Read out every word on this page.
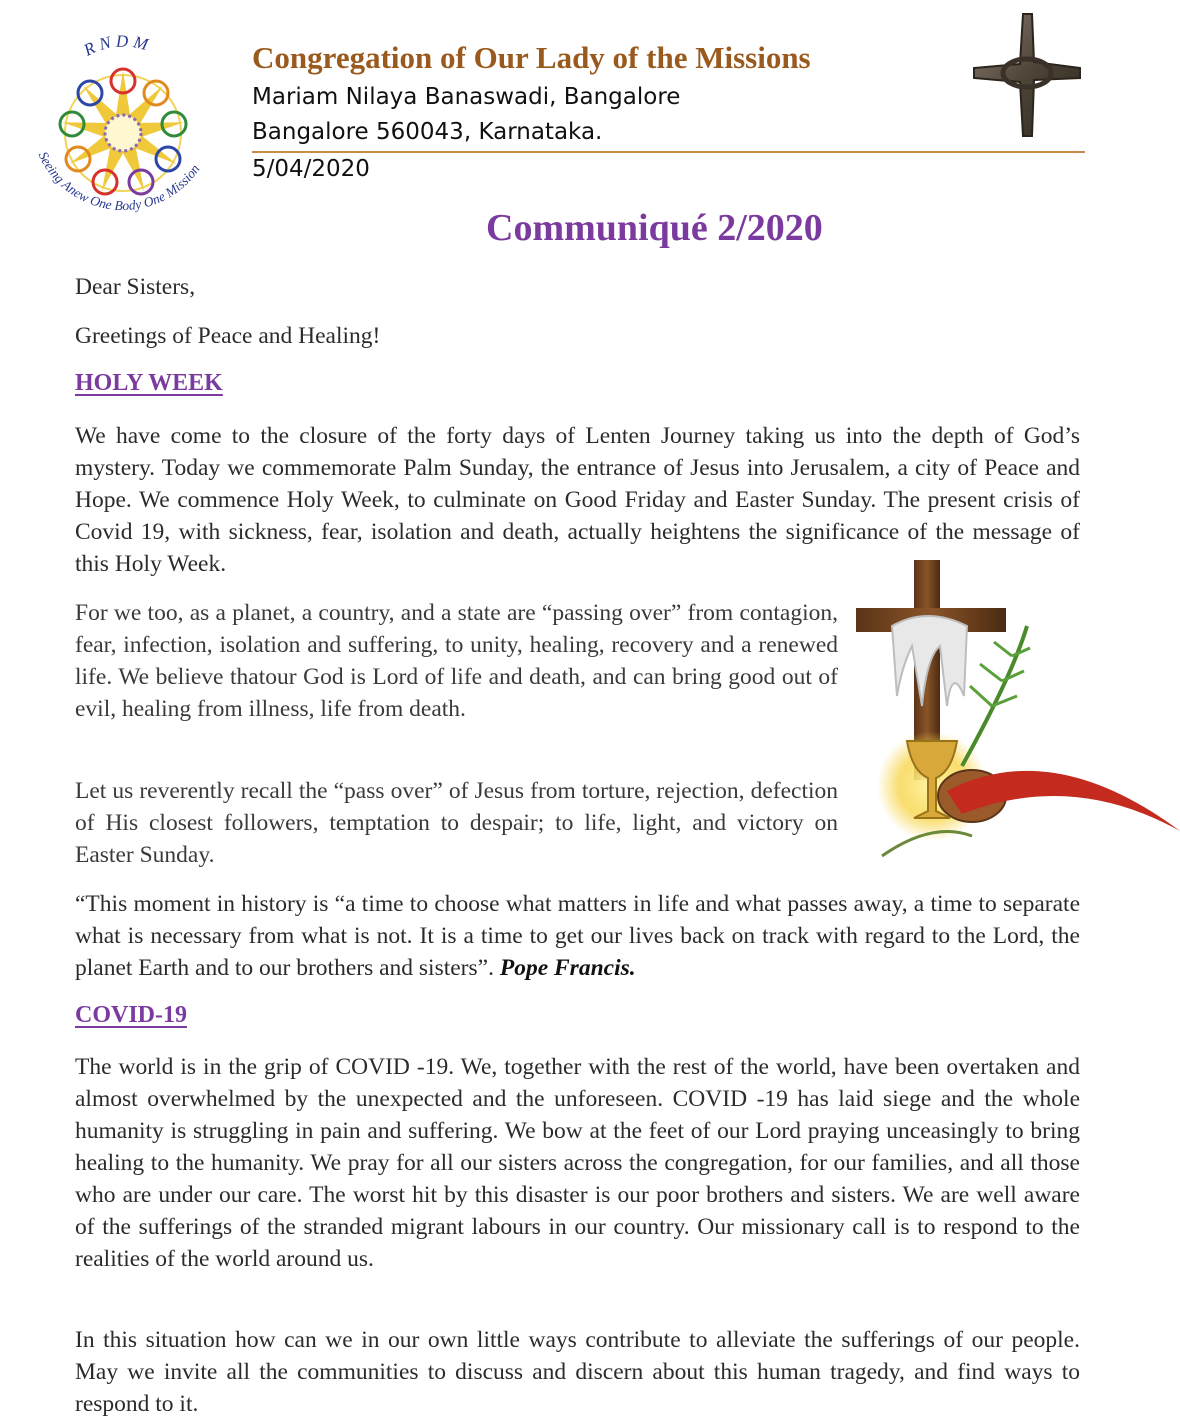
R N D M
Seeing Anew One Body One Mission
Congregation of Our Lady of the Missions
Mariam Nilaya Banaswadi, Bangalore
Bangalore 560043, Karnataka.
5/04/2020
Communiqué 2/2020

Dear Sisters,

Greetings of Peace and Healing!

HOLY WEEK

We have come to the closure of the forty days of Lenten Journey taking us into the depth of God’s mystery. Today we commemorate Palm Sunday, the entrance of Jesus into Jerusalem, a city of Peace and Hope. We commence Holy Week, to culminate on Good Friday and Easter Sunday. The present crisis of Covid 19, with sickness, fear, isolation and death, actually heightens the significance of the message of this Holy Week.

For we too, as a planet, a country, and a state are “passing over” from contagion, fear, infection, isolation and suffering, to unity, healing, recovery and a renewed life. We believe thatour God is Lord of life and death, and can bring good out of evil, healing from illness, life from death.

Let us reverently recall the “pass over” of Jesus from torture, rejection, defection of His closest followers, temptation to despair; to life, light, and victory on Easter Sunday.

“This moment in history is “a time to choose what matters in life and what passes away, a time to separate what is necessary from what is not. It is a time to get our lives back on track with regard to the Lord, the planet Earth and to our brothers and sisters”. Pope Francis.

COVID-19

The world is in the grip of COVID -19. We, together with the rest of the world, have been overtaken and almost overwhelmed by the unexpected and the unforeseen. COVID -19 has laid siege and the whole humanity is struggling in pain and suffering. We bow at the feet of our Lord praying unceasingly to bring healing to the humanity. We pray for all our sisters across the congregation, for our families, and all those who are under our care. The worst hit by this disaster is our poor brothers and sisters. We are well aware of the sufferings of the stranded migrant labours in our country. Our missionary call is to respond to the realities of the world around us.

In this situation how can we in our own little ways contribute to alleviate the sufferings of our people. May we invite all the communities to discuss and discern about this human tragedy, and find ways to respond to it.
